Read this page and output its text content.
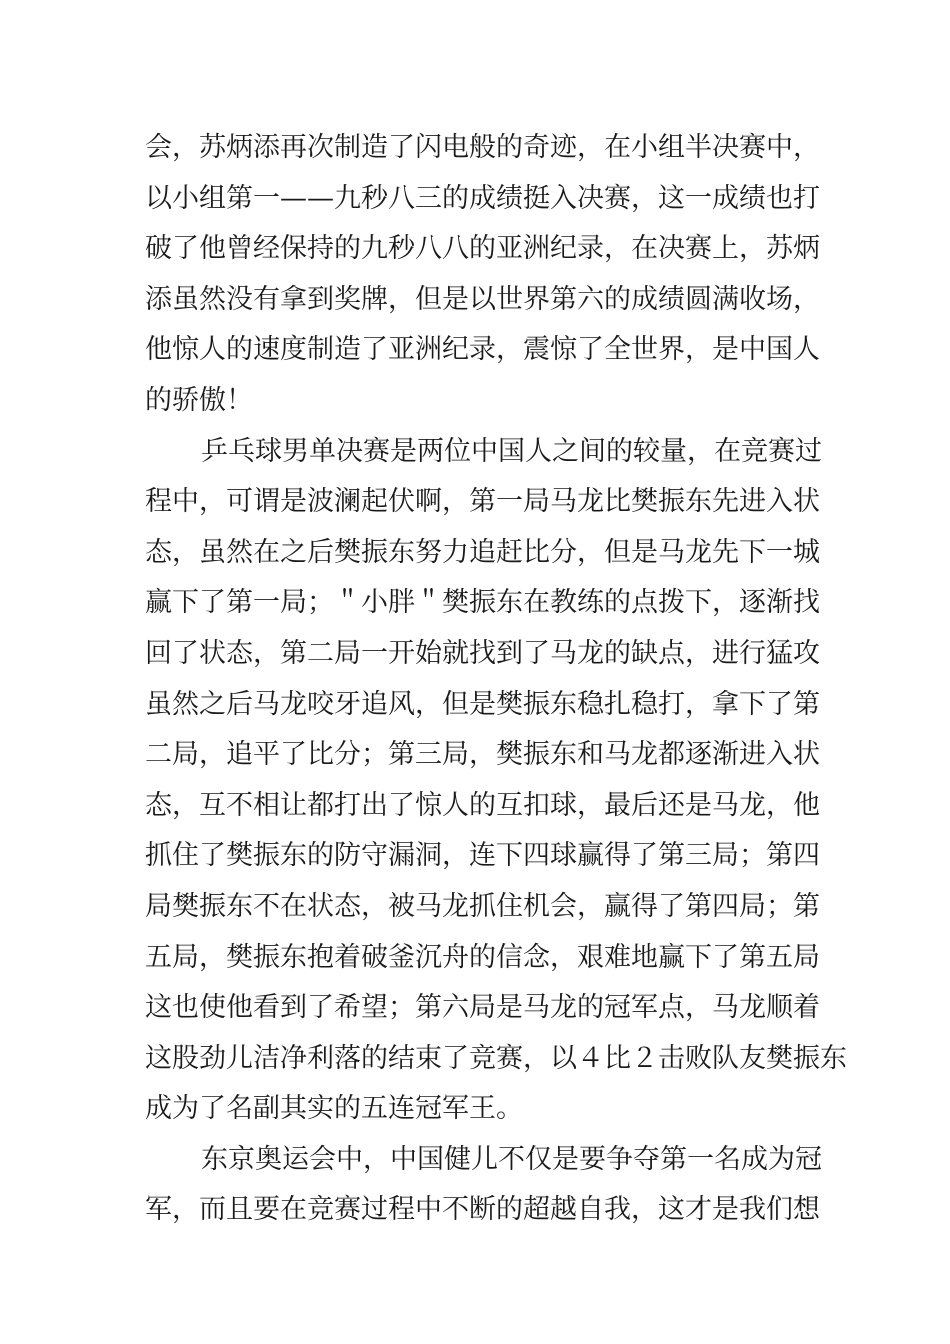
会，苏炳添再次制造了闪电般的奇迹，在小组半决赛中，
以小组第一——九秒八三的成绩挺入决赛，这一成绩也打
破了他曾经保持的九秒八八的亚洲纪录，在决赛上，苏炳
添虽然没有拿到奖牌，但是以世界第六的成绩圆满收场，
他惊人的速度制造了亚洲纪录，震惊了全世界，是中国人
的骄傲！
乒乓球男单决赛是两位中国人之间的较量，在竞赛过
程中，可谓是波澜起伏啊，第一局马龙比樊振东先进入状
态，虽然在之后樊振东努力追赶比分，但是马龙先下一城
赢下了第一局；＂小胖＂樊振东在教练的点拨下，逐渐找
回了状态，第二局一开始就找到了马龙的缺点，进行猛攻
虽然之后马龙咬牙追风，但是樊振东稳扎稳打，拿下了第
二局，追平了比分；第三局，樊振东和马龙都逐渐进入状
态，互不相让都打出了惊人的互扣球，最后还是马龙，他
抓住了樊振东的防守漏洞，连下四球赢得了第三局；第四
局樊振东不在状态，被马龙抓住机会，赢得了第四局；第
五局，樊振东抱着破釜沉舟的信念，艰难地赢下了第五局
这也使他看到了希望；第六局是马龙的冠军点，马龙顺着
这股劲儿洁净利落的结束了竞赛，以４比２击败队友樊振东
成为了名副其实的五连冠军王。
东京奥运会中，中国健儿不仅是要争夺第一名成为冠
军，而且要在竞赛过程中不断的超越自我，这才是我们想
